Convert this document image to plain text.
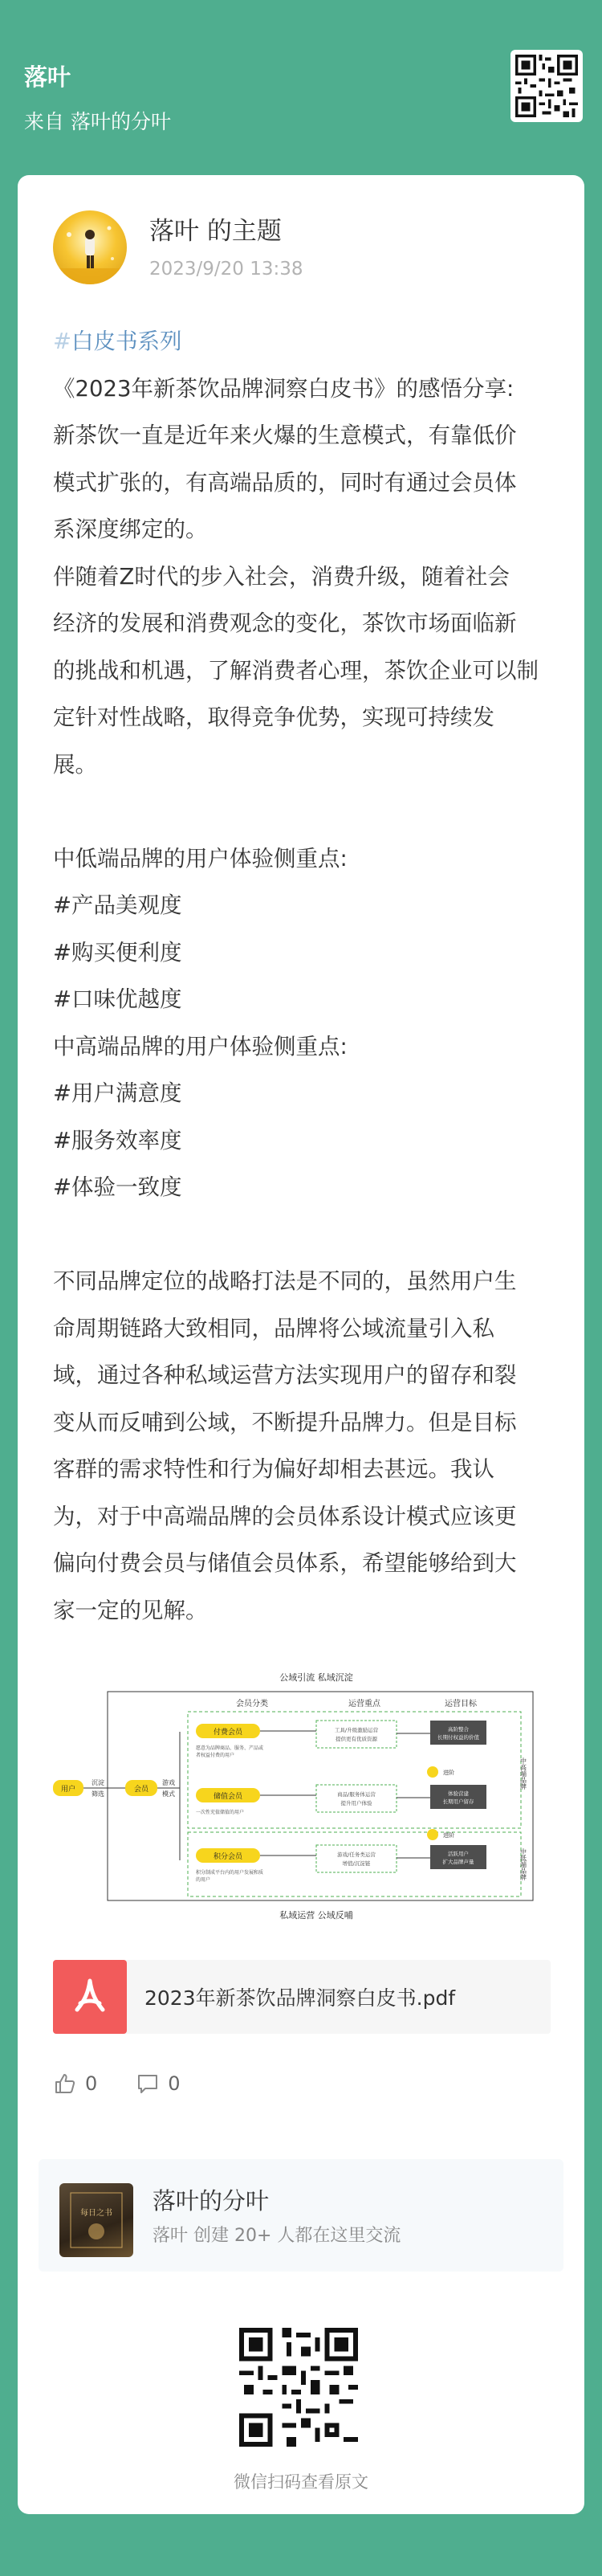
落叶
来自 落叶的分叶
落叶 的主题
2023/9/20 13:38

#白皮书系列

《2023年新茶饮品牌洞察白皮书》的感悟分享:

新茶饮一直是近年来火爆的生意模式，有靠低价

模式扩张的，有高端品质的，同时有通过会员体

系深度绑定的。

伴随着Z时代的步入社会，消费升级，随着社会

经济的发展和消费观念的变化，茶饮市场面临新

的挑战和机遇，了解消费者心理，茶饮企业可以制

定针对性战略，取得竞争优势，实现可持续发

展。

中低端品牌的用户体验侧重点:

#产品美观度

#购买便利度

#口味优越度

中高端品牌的用户体验侧重点:

#用户满意度

#服务效率度

#体验一致度

不同品牌定位的战略打法是不同的，虽然用户生

命周期链路大致相同，品牌将公域流量引入私

域，通过各种私域运营方法实现用户的留存和裂

变从而反哺到公域，不断提升品牌力。但是目标

客群的需求特性和行为偏好却相去甚远。我认

为，对于中高端品牌的会员体系设计模式应该更

偏向付费会员与储值会员体系，希望能够给到大

家一定的见解。

公域引流 私域沉淀
私域运营 公域反哺
用户
沉淀
筛选
会员
游戏
模式
会员分类	运营重点	运营目标
付费会员
愿意为品牌商品、服务、产品或
者权益付费的用户
工具/升级激励运营
提供更有优质资源
高阶整合
长期付权益的价值
进阶
储值会员
一次性充值储值的用户
商品/服务体运营
提升用户体验
体验营建
长期用户留存
进阶
积分会员
积分制成平台内的用户发展和质
的用户
游戏/任务类运营
增值/沉淀链
活跃用户
扩大品牌声量
中高端品牌
中低端品牌
2023年新茶饮品牌洞察白皮书.pdf
0	0
每日之书 落叶的分叶
落叶 创建 20+ 人都在这里交流
微信扫码查看原文
